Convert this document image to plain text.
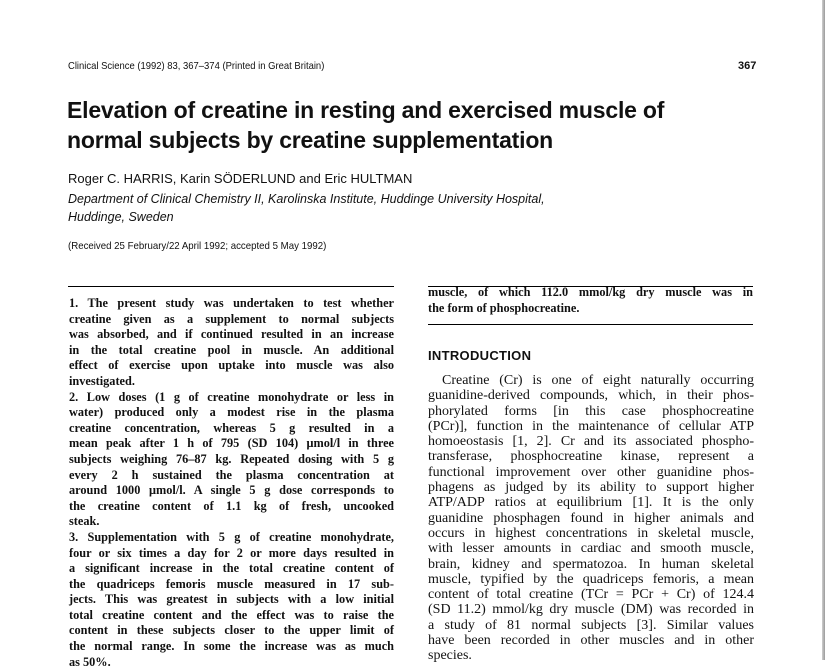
Clinical Science (1992) 83, 367–374 (Printed in Great Britain)	367
Elevation of creatine in resting and exercised muscle of
normal subjects by creatine supplementation
Roger C. HARRIS, Karin SÖDERLUND and Eric HULTMAN
Department of Clinical Chemistry II, Karolinska Institute, Huddinge University Hospital,
Huddinge, Sweden
(Received 25 February/22 April 1992; accepted 5 May 1992)
1. The present study was undertaken to test whether
creatine given as a supplement to normal subjects
was absorbed, and if continued resulted in an increase
in the total creatine pool in muscle. An additional
effect of exercise upon uptake into muscle was also
investigated.
2. Low doses (1 g of creatine monohydrate or less in
water) produced only a modest rise in the plasma
creatine concentration, whereas 5 g resulted in a
mean peak after 1 h of 795 (SD 104) μmol/l in three
subjects weighing 76–87 kg. Repeated dosing with 5 g
every 2 h sustained the plasma concentration at
around 1000 μmol/l. A single 5 g dose corresponds to
the creatine content of 1.1 kg of fresh, uncooked
steak.
3. Supplementation with 5 g of creatine monohydrate,
four or six times a day for 2 or more days resulted in
a significant increase in the total creatine content of
the quadriceps femoris muscle measured in 17 sub-
jects. This was greatest in subjects with a low initial
total creatine content and the effect was to raise the
content in these subjects closer to the upper limit of
the normal range. In some the increase was as much
as 50%.
muscle, of which 112.0 mmol/kg dry muscle was in
the form of phosphocreatine.
INTRODUCTION
Creatine (Cr) is one of eight naturally occurring
guanidine-derived compounds, which, in their phos-
phorylated forms [in this case phosphocreatine
(PCr)], function in the maintenance of cellular ATP
homoeostasis [1, 2]. Cr and its associated phospho-
transferase, phosphocreatine kinase, represent a
functional improvement over other guanidine phos-
phagens as judged by its ability to support higher
ATP/ADP ratios at equilibrium [1]. It is the only
guanidine phosphagen found in higher animals and
occurs in highest concentrations in skeletal muscle,
with lesser amounts in cardiac and smooth muscle,
brain, kidney and spermatozoa. In human skeletal
muscle, typified by the quadriceps femoris, a mean
content of total creatine (TCr = PCr + Cr) of 124.4
(SD 11.2) mmol/kg dry muscle (DM) was recorded in
a study of 81 normal subjects [3]. Similar values
have been recorded in other muscles and in other
species.
